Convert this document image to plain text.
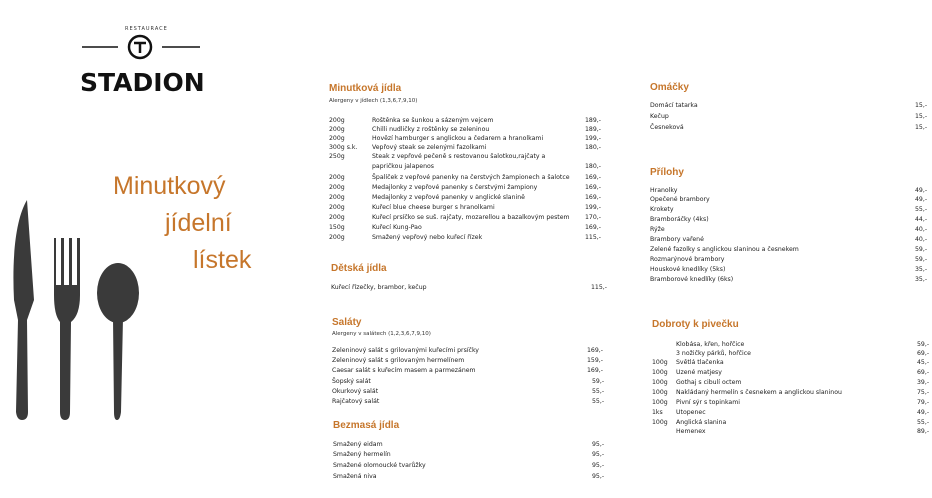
RESTAURACE
STADION
Minutkový
jídelní
lístek
Minutková jídla
Alergeny v jídlech (1,3,6,7,9,10)
200g	Roštěnka se šunkou a sázeným vejcem	189,-
200g	Chilli nudličky z roštěnky se zeleninou	189,-
200g	Hovězí hamburger s anglickou a čedarem a hranolkami	199,-
300g s.k. Vepřový steak se zelenými fazolkami	180,-
250g	Steak z vepřové pečeně s restovanou šalotkou,rajčaty a
papričkou jalapenos	180,-
200g	Špalíček z vepřové panenky na čerstvých žampionech a šalotce 169,-
200g	Medajlonky z vepřové panenky s čerstvými žampiony	169,-
200g	Medajlonky z vepřové panenky v anglické slanině	169,-
200g	Kuřecí blue cheese burger s hranolkami	199,-
200g	Kuřecí prsíčko se suš. rajčaty, mozarellou a bazalkovým pestem 170,-
150g	Kuřecí Kung-Pao	169,-
200g	Smažený vepřový nebo kuřecí řízek	115,-
Dětská jídla
Kuřecí řízečky, brambor, kečup	115,-
Saláty
Alergeny v salátech (1,2,3,6,7,9,10)
Zeleninový salát s grilovanými kuřecími prsíčky	169,-
Zeleninový salát s grilovaným hermelínem	159,-
Caesar salát s kuřecím masem a parmezánem	169,-
Šopský salát	59,-
Okurkový salát	55,-
Rajčatový salát	55,-
Bezmasá jídla
Smažený eidam	95,-
Smažený hermelín	95,-
Smažené olomoucké tvarůžky	95,-
Smažená niva	95,-
Omáčky
Domácí tatarka	15,-
Kečup	15,-
Česneková	15,-
Přílohy
Hranolky	49,-
Opečené brambory	49,-
Krokety	55,-
Bramboráčky (4ks)	44,-
Rýže	40,-
Brambory vařené	40,-
Zelené fazolky s anglickou slaninou a česnekem	59,-
Rozmarýnové brambory	59,-
Houskové knedlíky (5ks)	35,-
Bramborové knedlíky (6ks)	35,-
Dobroty k pivečku
Klobása, křen, hořčice	59,-
3 nožičky párků, hořčice	69,-
100g Světlá tlačenka	45,-
100g Uzené matjesy	69,-
100g Gothaj s cibulí octem	39,-
100g Nakládaný hermelín s česnekem a anglickou slaninou	75,-
100g Pivní sýr s topinkami	79,-
1ks Utopenec	49,-
100g Anglická slanina	55,-
Hemenex	89,-
